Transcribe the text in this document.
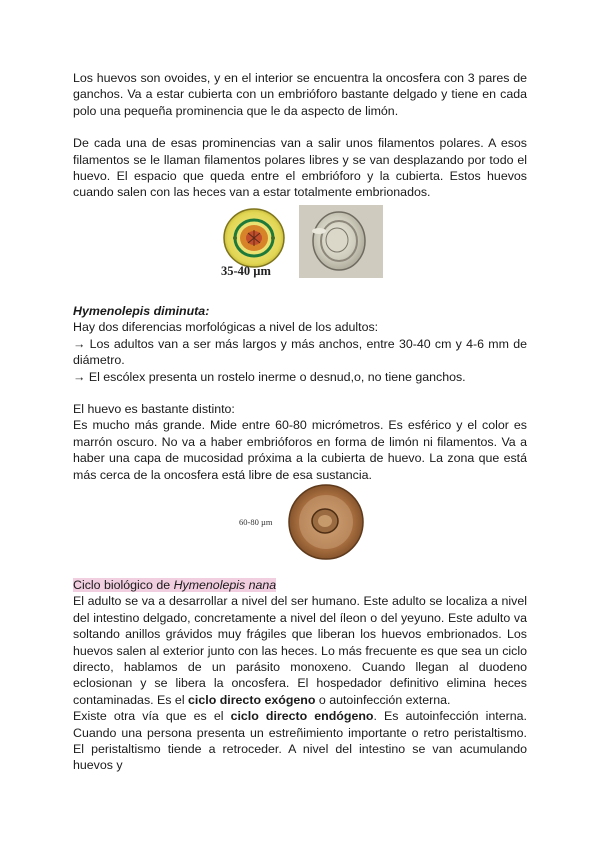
Los huevos son ovoides, y en el interior se encuentra la oncosfera con 3 pares de ganchos. Va a estar cubierta con un embrióforo bastante delgado y tiene en cada polo una pequeña prominencia que le da aspecto de limón.

De cada una de esas prominencias van a salir unos filamentos polares. A esos filamentos se le llaman filamentos polares libres y se van desplazando por todo el huevo. El espacio que queda entre el embrióforo y la cubierta. Estos huevos cuando salen con las heces van a estar totalmente embrionados.

35-40 µm

Hymenolepis diminuta:

Hay dos diferencias morfológicas a nivel de los adultos:

→ Los adultos van a ser más largos y más anchos, entre 30-40 cm y 4-6 mm de diámetro.

→ El escólex presenta un rostelo inerme o desnud,o, no tiene ganchos.

El huevo es bastante distinto:

Es mucho más grande. Mide entre 60-80 micrómetros. Es esférico y el color es marrón oscuro. No va a haber embrióforos en forma de limón ni filamentos. Va a haber una capa de mucosidad próxima a la cubierta de huevo. La zona que está más cerca de la oncosfera está libre de esa sustancia.

60-80 µm

Ciclo biológico de Hymenolepis nana

El adulto se va a desarrollar a nivel del ser humano. Este adulto se localiza a nivel del intestino delgado, concretamente a nivel del íleon o del yeyuno. Este adulto va soltando anillos grávidos muy frágiles que liberan los huevos embrionados. Los huevos salen al exterior junto con las heces. Lo más frecuente es que sea un ciclo directo, hablamos de un parásito monoxeno. Cuando llegan al duodeno eclosionan y se libera la oncosfera. El hospedador definitivo elimina heces contaminadas. Es el ciclo directo exógeno o autoinfección externa.

Existe otra vía que es el ciclo directo endógeno. Es autoinfección interna. Cuando una persona presenta un estreñimiento importante o retro peristaltismo. El peristaltismo tiende a retroceder. A nivel del intestino se van acumulando huevos y
